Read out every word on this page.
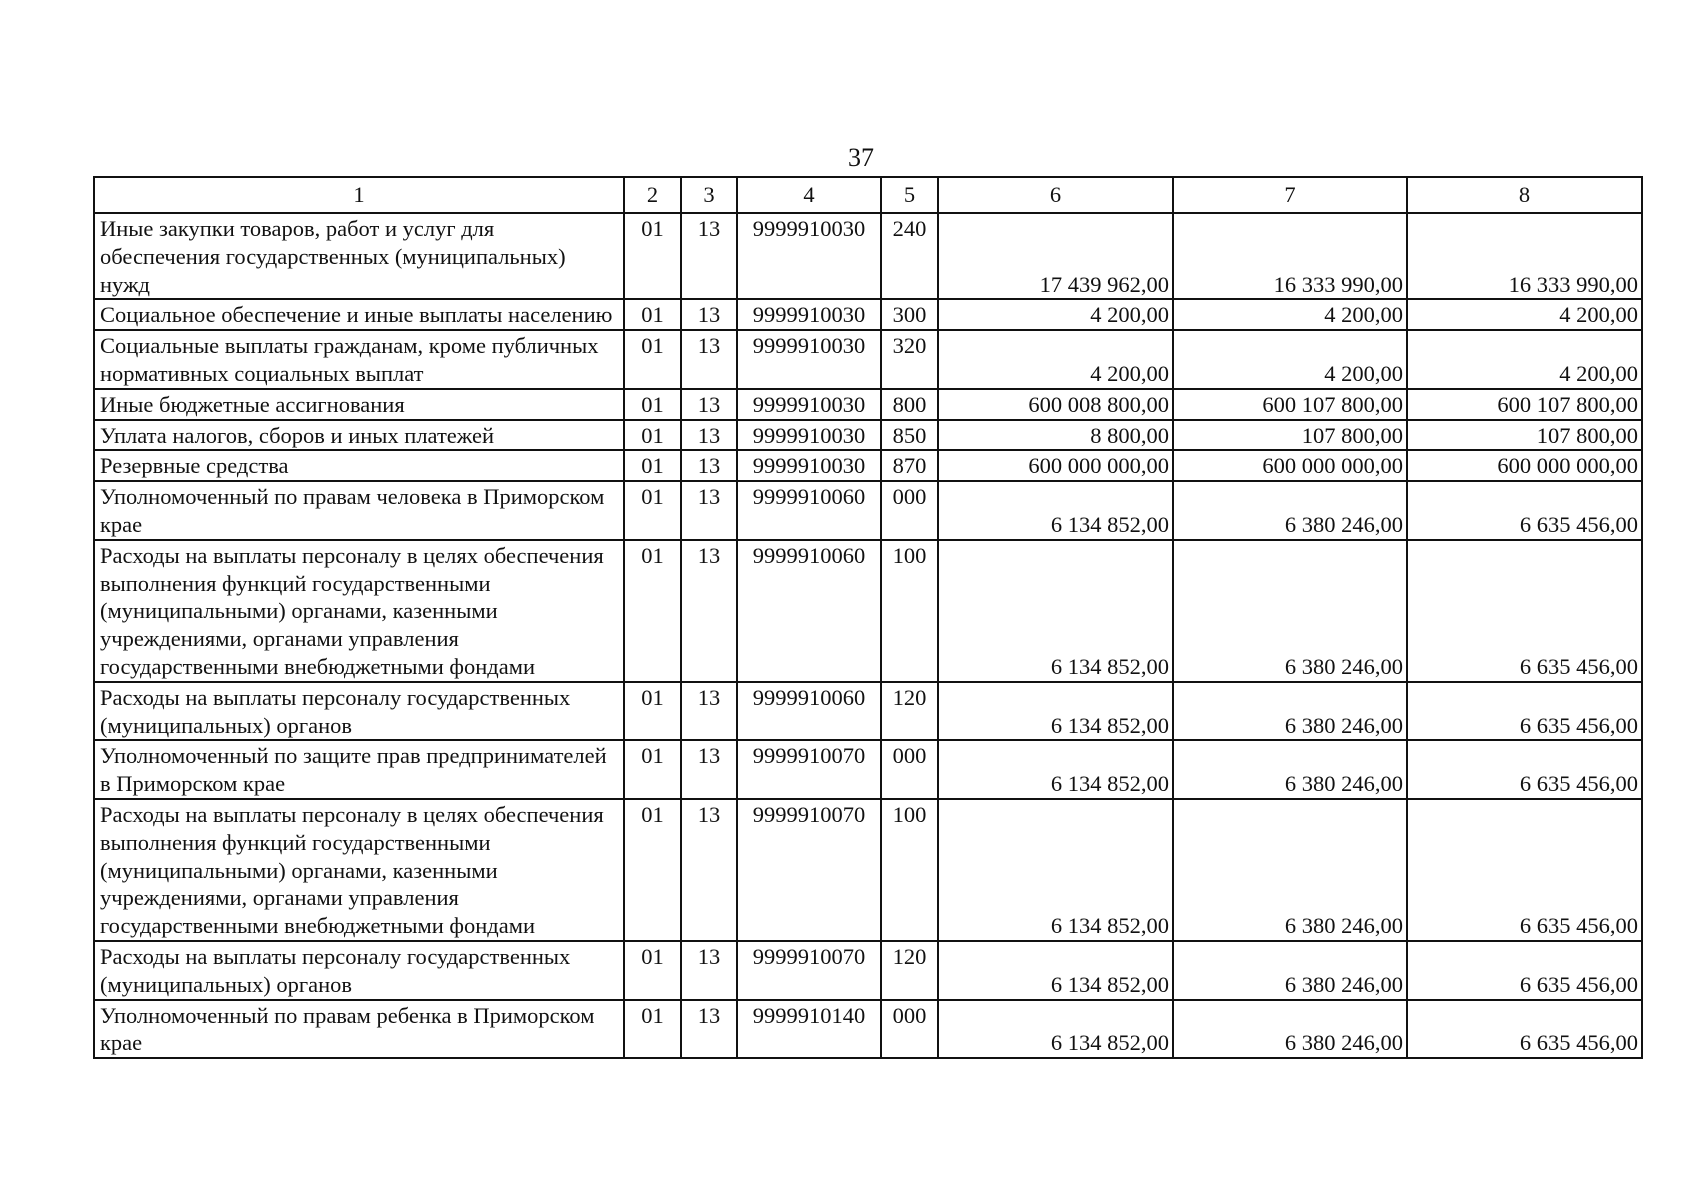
37
1	2	3	4	5	6	7	8
Иные закупки товаров, работ и услуг для обеспечения государственных (муниципальных) нужд	01	13	9999910030	240	17 439 962,00	16 333 990,00	16 333 990,00
Социальное обеспечение и иные выплаты населению	01	13	9999910030	300	4 200,00	4 200,00	4 200,00
Социальные выплаты гражданам, кроме публичных нормативных социальных выплат	01	13	9999910030	320	4 200,00	4 200,00	4 200,00
Иные бюджетные ассигнования	01	13	9999910030	800	600 008 800,00	600 107 800,00	600 107 800,00
Уплата налогов, сборов и иных платежей	01	13	9999910030	850	8 800,00	107 800,00	107 800,00
Резервные средства	01	13	9999910030	870	600 000 000,00	600 000 000,00	600 000 000,00
Уполномоченный по правам человека в Приморском крае	01	13	9999910060	000	6 134 852,00	6 380 246,00	6 635 456,00
Расходы на выплаты персоналу в целях обеспечения выполнения функций государственными (муниципальными) органами, казенными учреждениями, органами управления государственными внебюджетными фондами	01	13	9999910060	100	6 134 852,00	6 380 246,00	6 635 456,00
Расходы на выплаты персоналу государственных (муниципальных) органов	01	13	9999910060	120	6 134 852,00	6 380 246,00	6 635 456,00
Уполномоченный по защите прав предпринимателей в Приморском крае	01	13	9999910070	000	6 134 852,00	6 380 246,00	6 635 456,00
Расходы на выплаты персоналу в целях обеспечения выполнения функций государственными (муниципальными) органами, казенными учреждениями, органами управления государственными внебюджетными фондами	01	13	9999910070	100	6 134 852,00	6 380 246,00	6 635 456,00
Расходы на выплаты персоналу государственных (муниципальных) органов	01	13	9999910070	120	6 134 852,00	6 380 246,00	6 635 456,00
Уполномоченный по правам ребенка в Приморском крае	01	13	9999910140	000	6 134 852,00	6 380 246,00	6 635 456,00
